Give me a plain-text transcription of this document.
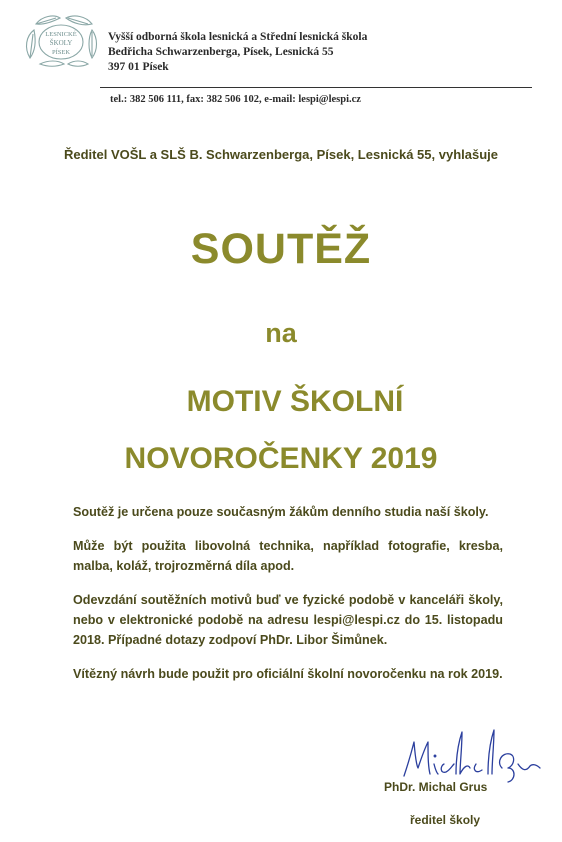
LESNICKÉ
ŠKOLY
PÍSEK
Vyšší odborná škola lesnická a Střední lesnická škola
Bedřicha Schwarzenberga, Písek, Lesnická 55
397 01 Písek
tel.: 382 506 111, fax: 382 506 102, e-mail: lespi@lespi.cz
Ředitel VOŠL a SLŠ B. Schwarzenberga, Písek, Lesnická 55, vyhlašuje
SOUTĚŽ
na
MOTIV ŠKOLNÍ
NOVOROČENKY 2019

Soutěž je určena pouze současným žákům denního studia naší školy.

Může být použita libovolná technika, například fotografie, kresba, malba, koláž, trojrozměrná díla apod.

Odevzdání soutěžních motivů buď ve fyzické podobě v kanceláři školy, nebo v elektronické podobě na adresu lespi@lespi.cz do 15. listopadu 2018. Případné dotazy zodpoví PhDr. Libor Šimůnek.

Vítězný návrh bude použit pro oficiální školní novoročenku na rok 2019.

PhDr. Michal Grus
ředitel školy
